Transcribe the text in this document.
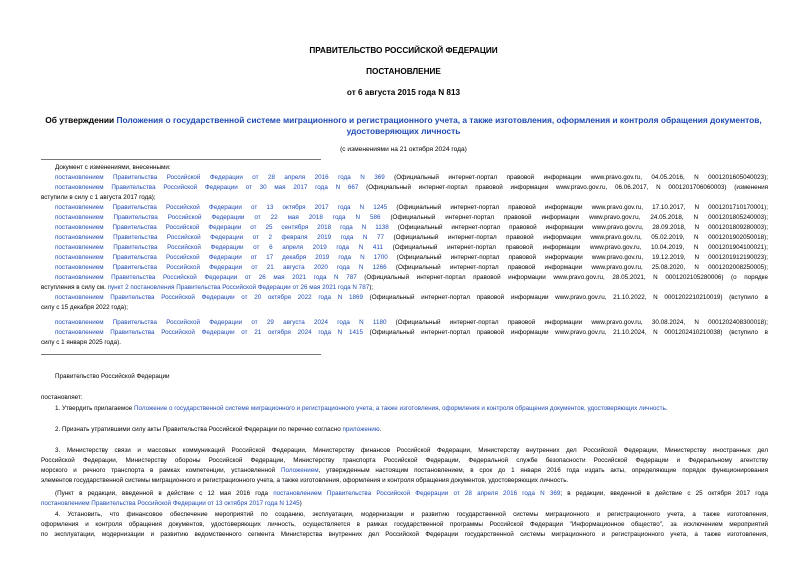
ПРАВИТЕЛЬСТВО РОССИЙСКОЙ ФЕДЕРАЦИИ
ПОСТАНОВЛЕНИЕ
от 6 августа 2015 года N 813
Об утверждении Положения о государственной системе миграционного и регистрационного учета, а также изготовления, оформления и контроля обращения документов, удостоверяющих личность
(с изменениями на 21 октября 2024 года)
Документ с изменениями, внесенными:
постановлением Правительства Российской Федерации от 28 апреля 2016 года N 369 (Официальный интернет-портал правовой информации www.pravo.gov.ru, 04.05.2016, N 0001201605040023);
постановлением Правительства Российской Федерации от 30 мая 2017 года N 667 (Официальный интернет-портал правовой информации www.pravo.gov.ru, 06.06.2017, N 0001201706060003) (изменения
вступили в силу с 1 августа 2017 года);
постановлением Правительства Российской Федерации от 13 октября 2017 года N 1245 (Официальный интернет-портал правовой информации www.pravo.gov.ru, 17.10.2017, N 0001201710170001);
постановлением Правительства Российской Федерации от 22 мая 2018 года N 586 (Официальный интернет-портал правовой информации www.pravo.gov.ru, 24.05.2018, N 0001201805240003);
постановлением Правительства Российской Федерации от 25 сентября 2018 года N 1138 (Официальный интернет-портал правовой информации www.pravo.gov.ru, 28.09.2018, N 0001201809280003);
постановлением Правительства Российской Федерации от 2 февраля 2019 года N 77 (Официальный интернет-портал правовой информации www.pravo.gov.ru, 05.02.2019, N 0001201902050018);
постановлением Правительства Российской Федерации от 6 апреля 2019 года N 411 (Официальный интернет-портал правовой информации www.pravo.gov.ru, 10.04.2019, N 0001201904100021);
постановлением Правительства Российской Федерации от 17 декабря 2019 года N 1700 (Официальный интернет-портал правовой информации www.pravo.gov.ru, 19.12.2019, N 0001201912190023);
постановлением Правительства Российской Федерации от 21 августа 2020 года N 1266 (Официальный интернет-портал правовой информации www.pravo.gov.ru, 25.08.2020, N 0001202008250005);
постановлением Правительства Российской Федерации от 26 мая 2021 года N 787 (Официальный интернет-портал правовой информации www.pravo.gov.ru, 28.05.2021, N 0001202105280006) (о порядке
вступления в силу см. пункт 2 постановления Правительства Российской Федерации от 26 мая 2021 года N 787);
постановлением Правительства Российской Федерации от 20 октября 2022 года N 1869 (Официальный интернет-портал правовой информации www.pravo.gov.ru, 21.10.2022, N 0001202210210019) (вступило в
силу с 15 декабря 2022 года);
постановлением Правительства Российской Федерации от 29 августа 2024 года N 1180 (Официальный интернет-портал правовой информации www.pravo.gov.ru, 30.08.2024, N 0001202408300018);
постановлением Правительства Российской Федерации от 21 октября 2024 года N 1415 (Официальный интернет-портал правовой информации www.pravo.gov.ru, 21.10.2024, N 0001202410210038) (вступило в
силу с 1 января 2025 года).
Правительство Российской Федерации
постановляет:
1. Утвердить прилагаемое Положение о государственной системе миграционного и регистрационного учета, а также изготовления, оформления и контроля обращения документов, удостоверяющих личность.
2. Признать утратившими силу акты Правительства Российской Федерации по перечню согласно приложению.
3. Министерству связи и массовых коммуникаций Российской Федерации, Министерству финансов Российской Федерации, Министерству внутренних дел Российской Федерации, Министерству иностранных дел
Российской Федерации, Министерству обороны Российской Федерации, Министерству транспорта Российской Федерации, Федеральной службе безопасности Российской Федерации и Федеральному агентству
морского и речного транспорта в рамках компетенции, установленной Положением, утвержденным настоящим постановлением, в срок до 1 января 2016 года издать акты, определяющие порядок функционирования
элементов государственной системы миграционного и регистрационного учета, а также изготовления, оформления и контроля обращения документов, удостоверяющих личность.
(Пункт в редакции, введенной в действие с 12 мая 2016 года постановлением Правительства Российской Федерации от 28 апреля 2016 года N 369; в редакции, введенной в действие с 25 октября 2017 года
постановлением Правительства Российской Федерации от 13 октября 2017 года N 1245)
4. Установить, что финансовое обеспечение мероприятий по созданию, эксплуатации, модернизации и развитию государственной системы миграционного и регистрационного учета, а также изготовления,
оформления и контроля обращения документов, удостоверяющих личность, осуществляется в рамках государственной программы Российской Федерации "Информационное общество", за исключением мероприятий
по эксплуатации, модернизации и развитию ведомственного сегмента Министерства внутренних дел Российской Федерации государственной системы миграционного и регистрационного учета, а также изготовления,
